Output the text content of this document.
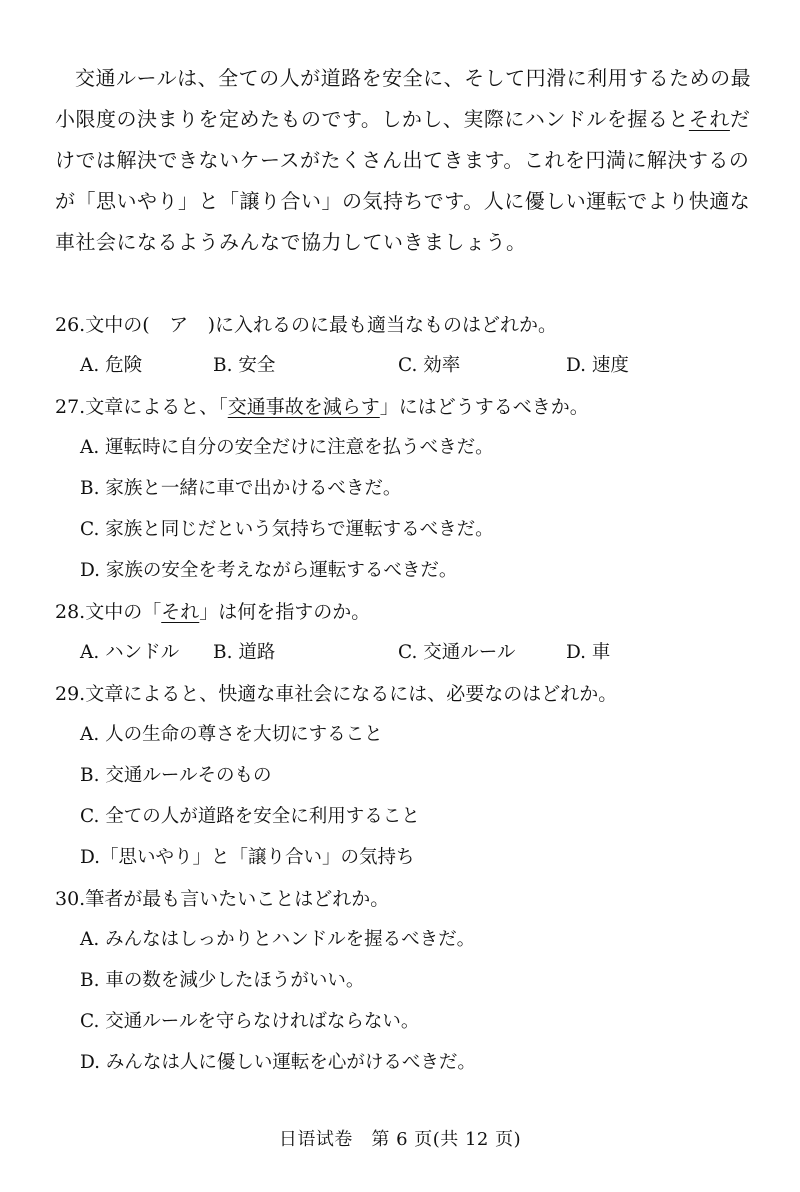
交通ルールは、全ての人が道路を安全に、そして円滑に利用するための最小限度の決まりを定めたものです。しかし、実際にハンドルを握るとそれだけでは解決できないケースがたくさん出てきます。これを円満に解決するのが「思いやり」と「譲り合い」の気持ちです。人に優しい運転でより快適な車社会になるようみんなで協力していきましょう。

26.文中の( ア )に入れるのに最も適当なものはどれか。
A. 危険	B. 安全	C. 効率	D. 速度
27.文章によると、「交通事故を減らす」にはどうするべきか。
A. 運転時に自分の安全だけに注意を払うべきだ。
B. 家族と一緒に車で出かけるべきだ。
C. 家族と同じだという気持ちで運転するべきだ。
D. 家族の安全を考えながら運転するべきだ。
28.文中の「それ」は何を指すのか。
A. ハンドル B. 道路	C. 交通ルール	D. 車
29.文章によると、快適な車社会になるには、必要なのはどれか。
A. 人の生命の尊さを大切にすること
B. 交通ルールそのもの
C. 全ての人が道路を安全に利用すること
D.「思いやり」と「譲り合い」の気持ち
30.筆者が最も言いたいことはどれか。
A. みんなはしっかりとハンドルを握るべきだ。
B. 車の数を減少したほうがいい。
C. 交通ルールを守らなければならない。
D. みんなは人に優しい運転を心がけるべきだ。
日语试卷　第 6 页(共 12 页)
